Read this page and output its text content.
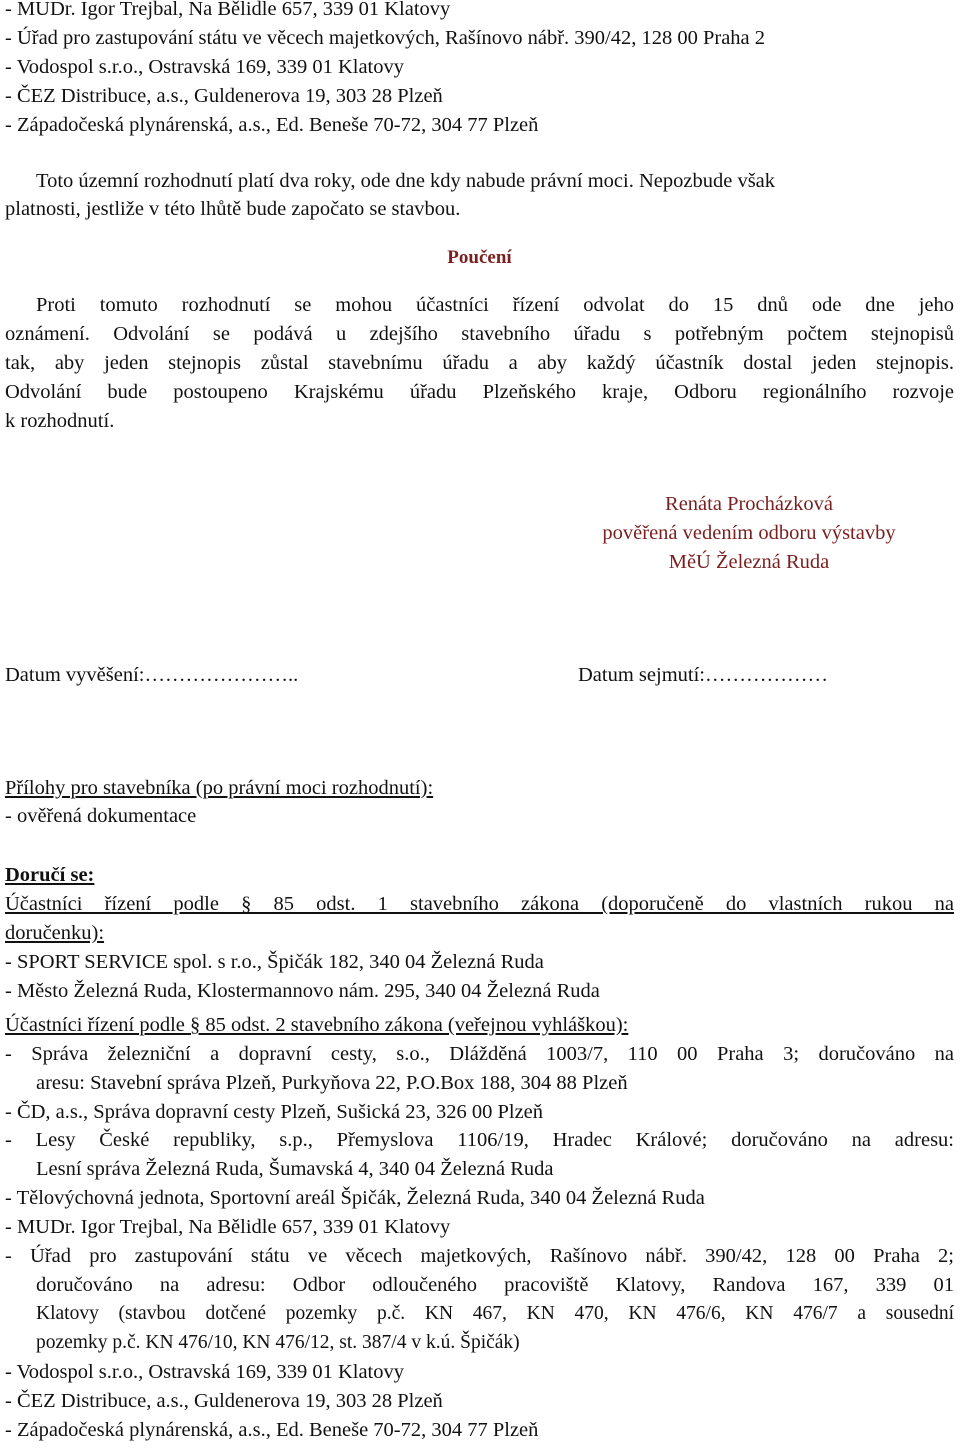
- MUDr. Igor Trejbal, Na Bělidle 657, 339 01 Klatovy
- Úřad pro zastupování státu ve věcech majetkových, Rašínovo nábř. 390/42, 128 00 Praha 2
- Vodospol s.r.o., Ostravská 169, 339 01 Klatovy
- ČEZ Distribuce, a.s., Guldenerova 19, 303 28 Plzeň
- Západočeská plynárenská, a.s., Ed. Beneše 70-72, 304 77 Plzeň
Toto územní rozhodnutí platí dva roky, ode dne kdy nabude právní moci. Nepozbude však
platnosti, jestliže v této lhůtě bude započato se stavbou.
Poučení
Proti tomuto rozhodnutí se mohou účastníci řízení odvolat do 15 dnů ode dne jeho
oznámení. Odvolání se podává u zdejšího stavebního úřadu s potřebným počtem stejnopisů
tak, aby jeden stejnopis zůstal stavebnímu úřadu a aby každý účastník dostal jeden stejnopis.
Odvolání bude postoupeno Krajskému úřadu Plzeňského kraje, Odboru regionálního rozvoje
k rozhodnutí.
Renáta Procházková
pověřená vedením odboru výstavby
MěÚ Železná Ruda
Datum vyvěšení:…………………..	Datum sejmutí:………………
Přílohy pro stavebníka (po právní moci rozhodnutí):
- ověřená dokumentace
Doručí se:
Účastníci řízení podle § 85 odst. 1 stavebního zákona (doporučeně do vlastních rukou na
doručenku):
- SPORT SERVICE spol. s r.o., Špičák 182, 340 04 Železná Ruda
- Město Železná Ruda, Klostermannovo nám. 295, 340 04 Železná Ruda
Účastníci řízení podle § 85 odst. 2 stavebního zákona (veřejnou vyhláškou):
- Správa železniční a dopravní cesty, s.o., Dlážděná 1003/7, 110 00 Praha 3; doručováno na
aresu: Stavební správa Plzeň, Purkyňova 22, P.O.Box 188, 304 88 Plzeň
- ČD, a.s., Správa dopravní cesty Plzeň, Sušická 23, 326 00 Plzeň
- Lesy České republiky, s.p., Přemyslova 1106/19, Hradec Králové; doručováno na adresu:
Lesní správa Železná Ruda, Šumavská 4, 340 04 Železná Ruda
- Tělovýchovná jednota, Sportovní areál Špičák, Železná Ruda, 340 04 Železná Ruda
- MUDr. Igor Trejbal, Na Bělidle 657, 339 01 Klatovy
- Úřad pro zastupování státu ve věcech majetkových, Rašínovo nábř. 390/42, 128 00 Praha 2;
doručováno na adresu: Odbor odloučeného pracoviště Klatovy, Randova 167, 339 01
Klatovy (stavbou dotčené pozemky p.č. KN 467, KN 470, KN 476/6, KN 476/7 a sousední
pozemky p.č. KN 476/10, KN 476/12, st. 387/4 v k.ú. Špičák)
- Vodospol s.r.o., Ostravská 169, 339 01 Klatovy
- ČEZ Distribuce, a.s., Guldenerova 19, 303 28 Plzeň
- Západočeská plynárenská, a.s., Ed. Beneše 70-72, 304 77 Plzeň
